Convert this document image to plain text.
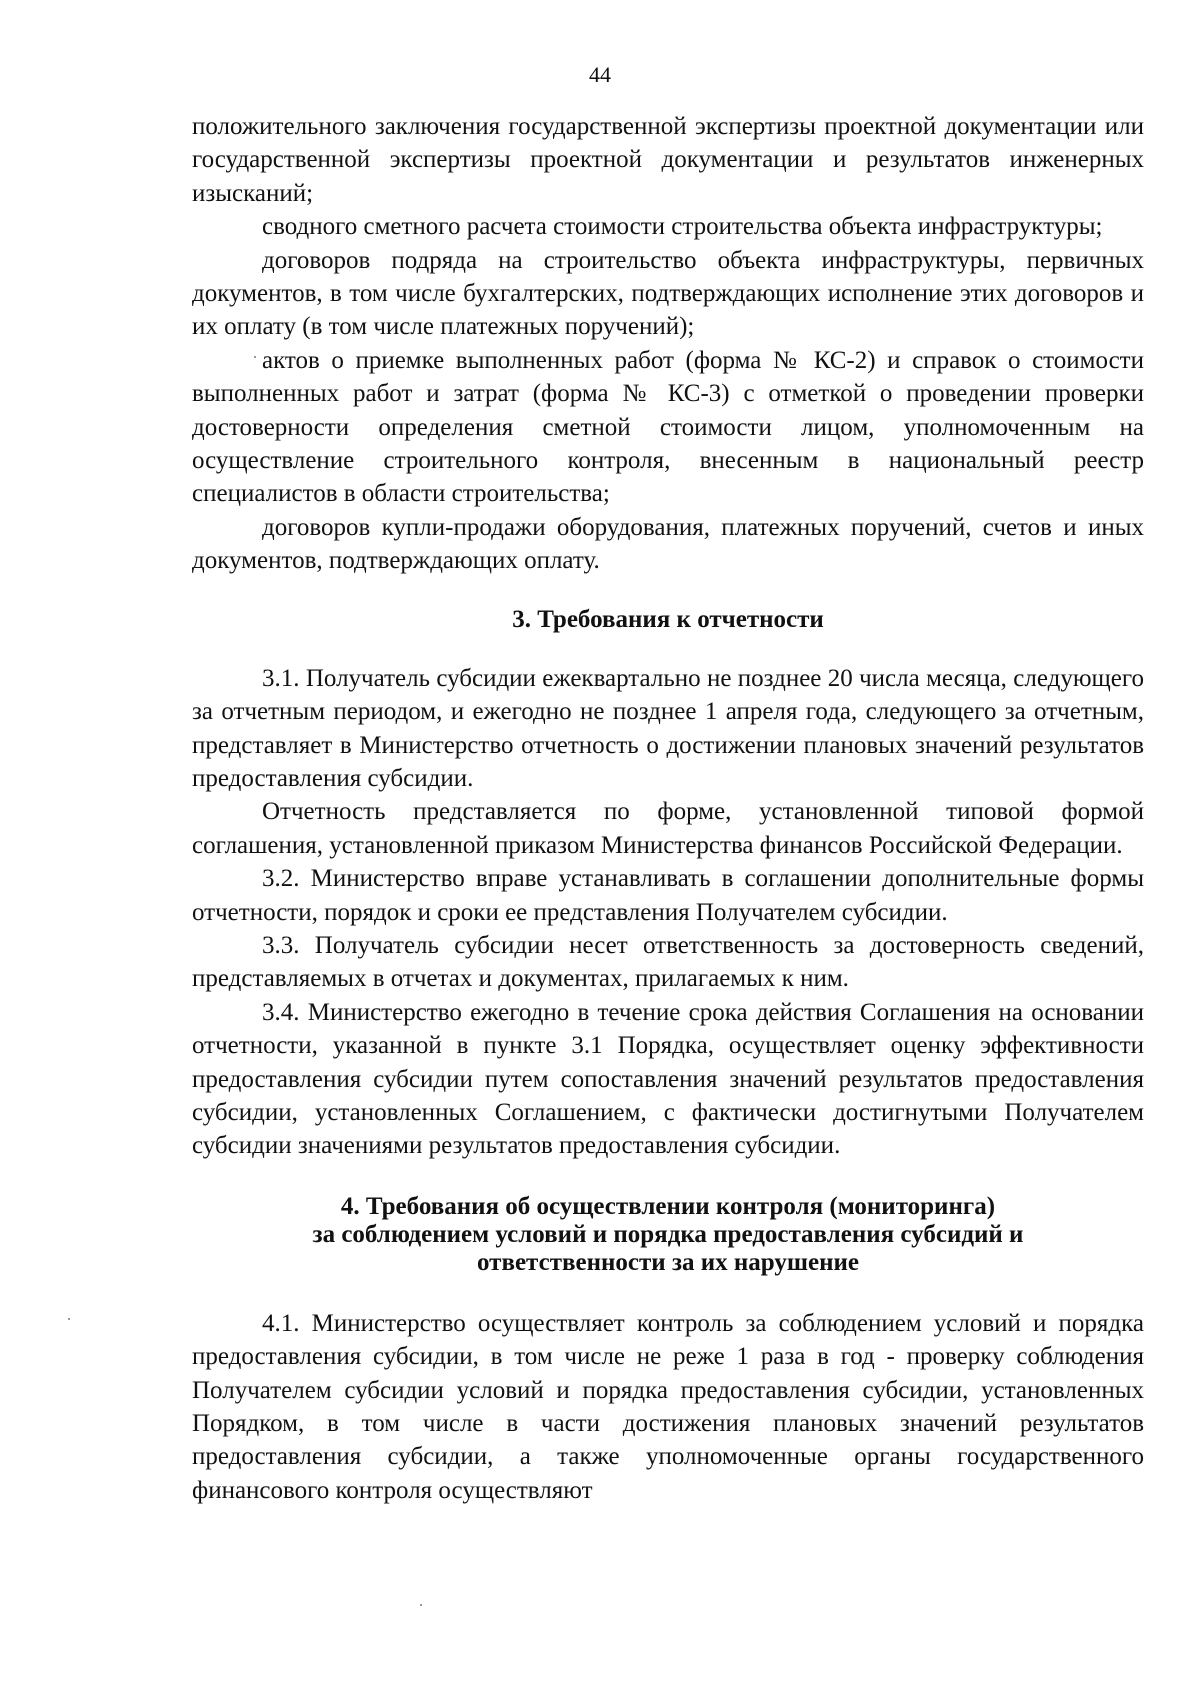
44

положительного заключения государственной экспертизы проектной документации или государственной экспертизы проектной документации и результатов инженерных изысканий;

сводного сметного расчета стоимости строительства объекта инфраструктуры;

договоров подряда на строительство объекта инфраструктуры, первичных документов, в том числе бухгалтерских, подтверждающих исполнение этих договоров и их оплату (в том числе платежных поручений);

актов о приемке выполненных работ (форма № КС-2) и справок о стоимости выполненных работ и затрат (форма № КС-3) с отметкой о проведении проверки достоверности определения сметной стоимости лицом, уполномоченным на осуществление строительного контроля, внесенным в национальный реестр специалистов в области строительства;

договоров купли-продажи оборудования, платежных поручений, счетов и иных документов, подтверждающих оплату.

3. Требования к отчетности

3.1. Получатель субсидии ежеквартально не позднее 20 числа месяца, следующего за отчетным периодом, и ежегодно не позднее 1 апреля года, следующего за отчетным, представляет в Министерство отчетность о достижении плановых значений результатов предоставления субсидии.

Отчетность представляется по форме, установленной типовой формой соглашения, установленной приказом Министерства финансов Российской Федерации.

3.2. Министерство вправе устанавливать в соглашении дополнительные формы отчетности, порядок и сроки ее представления Получателем субсидии.

3.3. Получатель субсидии несет ответственность за достоверность сведений, представляемых в отчетах и документах, прилагаемых к ним.

3.4. Министерство ежегодно в течение срока действия Соглашения на основании отчетности, указанной в пункте 3.1 Порядка, осуществляет оценку эффективности предоставления субсидии путем сопоставления значений результатов предоставления субсидии, установленных Соглашением, с фактически достигнутыми Получателем субсидии значениями результатов предоставления субсидии.

4. Требования об осуществлении контроля (мониторинга)
за соблюдением условий и порядка предоставления субсидий и
ответственности за их нарушение

4.1. Министерство осуществляет контроль за соблюдением условий и порядка предоставления субсидии, в том числе не реже 1 раза в год - проверку соблюдения Получателем субсидии условий и порядка предоставления субсидии, установленных Порядком, в том числе в части достижения плановых значений результатов предоставления субсидии, а также уполномоченные органы государственного финансового контроля осуществляют
